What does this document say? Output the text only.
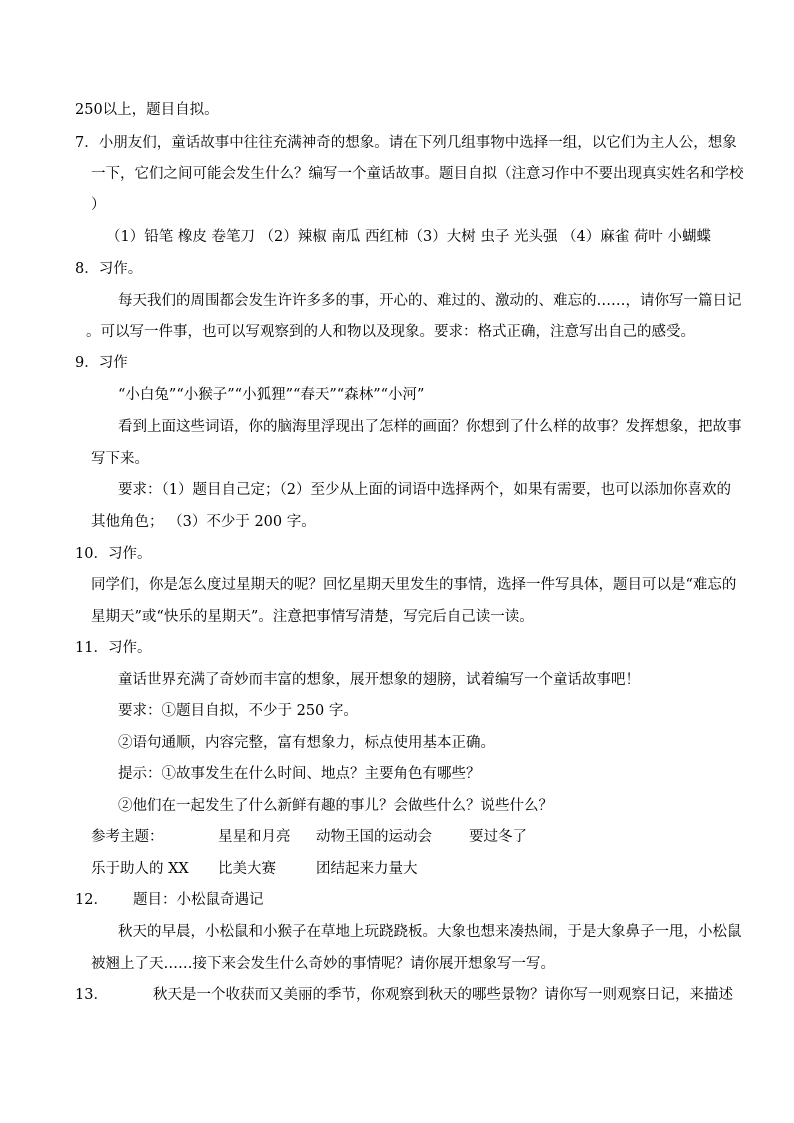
250以上，题目自拟。
7．小朋友们，童话故事中往往充满神奇的想象。请在下列几组事物中选择一组，以它们为主人公，想象
一下，它们之间可能会发生什么？编写一个童话故事。题目自拟（注意习作中不要出现真实姓名和学校
）
（1）铅笔 橡皮 卷笔刀 （2）辣椒 南瓜 西红柿（3）大树 虫子 光头强 （4）麻雀 荷叶 小蝴蝶
8．习作。
每天我们的周围都会发生许许多多的事，开心的、难过的、激动的、难忘的……，请你写一篇日记
。可以写一件事，也可以写观察到的人和物以及现象。要求：格式正确，注意写出自己的感受。
9．习作
“小白兔”“小猴子”“小狐狸”“春天”“森林”“小河”
看到上面这些词语，你的脑海里浮现出了怎样的画面？你想到了什么样的故事？发挥想象，把故事
写下来。
要求：（1）题目自己定；（2）至少从上面的词语中选择两个，如果有需要，也可以添加你喜欢的
其他角色； （3）不少于 200 字。
10．习作。
同学们，你是怎么度过星期天的呢？回忆星期天里发生的事情，选择一件写具体，题目可以是“难忘的
星期天”或“快乐的星期天”。注意把事情写清楚，写完后自己读一读。
11．习作。
童话世界充满了奇妙而丰富的想象，展开想象的翅膀，试着编写一个童话故事吧！
要求：①题目自拟，不少于 250 字。
②语句通顺，内容完整，富有想象力，标点使用基本正确。
提示：①故事发生在什么时间、地点？主要角色有哪些？
②他们在一起发生了什么新鲜有趣的事儿？会做些什么？说些什么？
参考主题：	星星和月亮 动物王国的运动会	要过冬了
乐于助人的 XX 比美大赛	团结起来力量大
12． 题目：小松鼠奇遇记
秋天的早晨，小松鼠和小猴子在草地上玩跷跷板。大象也想来凑热闹，于是大象鼻子一甩，小松鼠
被翘上了天……接下来会发生什么奇妙的事情呢？请你展开想象写一写。
13．	秋天是一个收获而又美丽的季节，你观察到秋天的哪些景物？请你写一则观察日记，来描述
